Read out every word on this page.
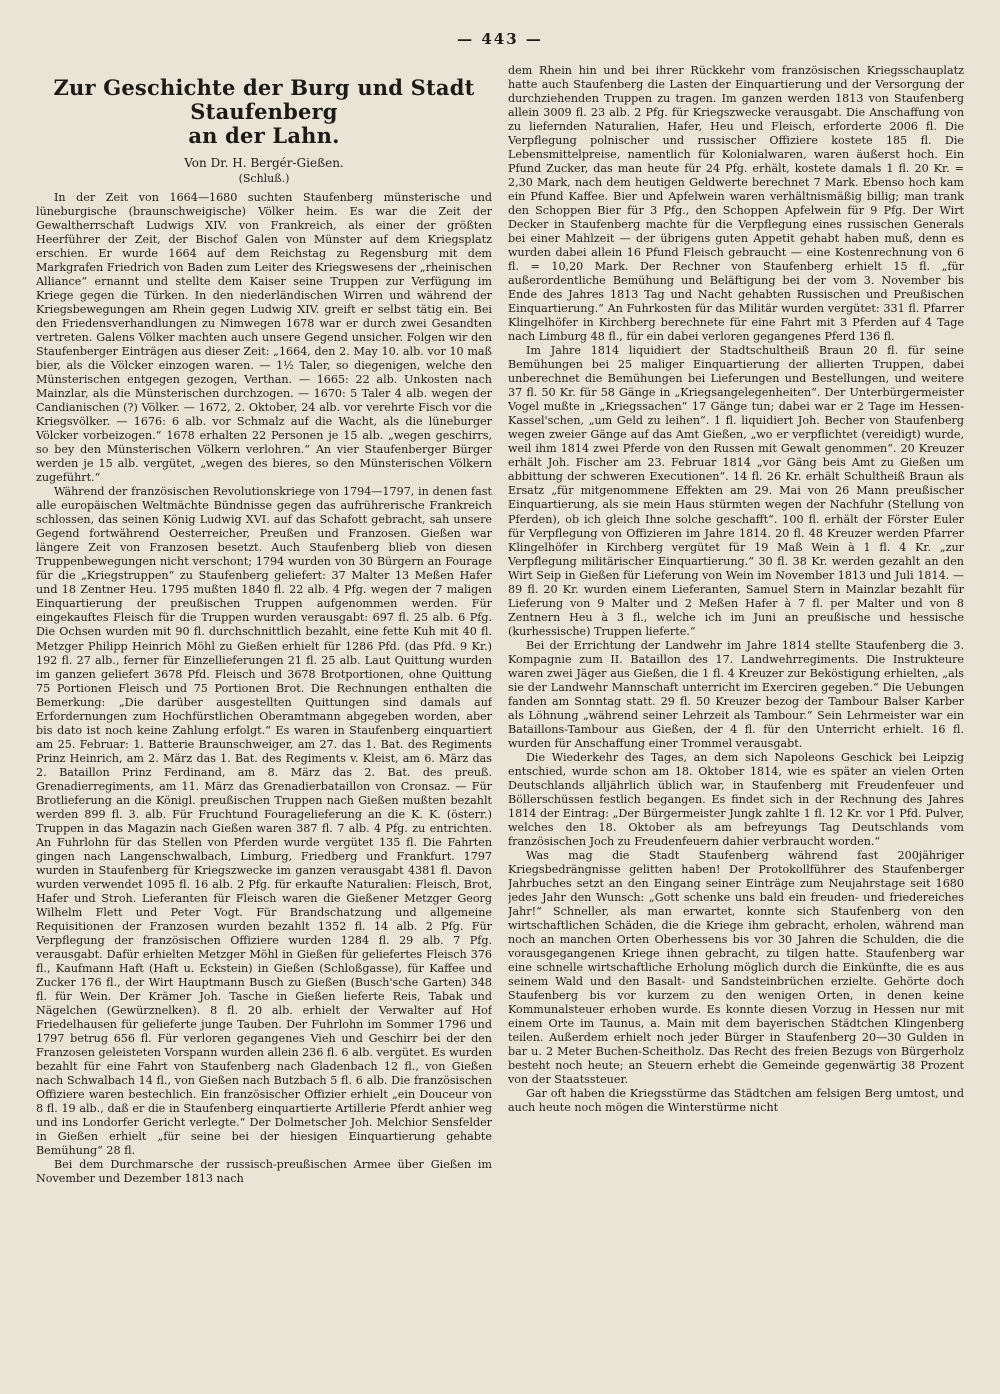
— 443 —
Zur Geschichte der Burg und Stadt Staufenberg
an der Lahn.
Von Dr. H. Bergér-Gießen.
(Schluß.)

In der Zeit von 1664—1680 suchten Staufenberg münsterische und lüneburgische (braunschweigische) Völker heim. Es war die Zeit der Gewaltherrschaft Ludwigs XIV. von Frankreich, als einer der größten Heerführer der Zeit, der Bischof Galen von Münster auf dem Kriegsplatz erschien. Er wurde 1664 auf dem Reichstag zu Regensburg mit dem Markgrafen Friedrich von Baden zum Leiter des Kriegswesens der „rheinischen Alliance“ ernannt und stellte dem Kaiser seine Truppen zur Verfügung im Kriege gegen die Türken. In den niederländischen Wirren und während der Kriegsbewegungen am Rhein gegen Ludwig XIV. greift er selbst tätig ein. Bei den Friedensverhandlungen zu Nimwegen 1678 war er durch zwei Gesandten vertreten. Galens Völker machten auch unsere Gegend unsicher. Folgen wir den Staufenberger Einträgen aus dieser Zeit: „1664, den 2. May 10. alb. vor 10 maß bier, als die Völcker einzogen waren. — 1½ Taler, so diegenigen, welche den Münsterischen entgegen gezogen, Verthan. — 1665: 22 alb. Unkosten nach Mainzlar, als die Münsterischen durchzogen. — 1670: 5 Taler 4 alb. wegen der Candianischen (?) Völker. — 1672, 2. Oktober, 24 alb. vor verehrte Fisch vor die Kriegsvölker. — 1676: 6 alb. vor Schmalz auf die Wacht, als die lüneburger Völcker vorbeizogen.“ 1678 erhalten 22 Personen je 15 alb. „wegen geschirrs, so bey den Münsterischen Völkern verlohren.“ An vier Staufenberger Bürger werden je 15 alb. vergütet, „wegen des bieres, so den Münsterischen Völkern zugeführt.“

Während der französischen Revolutionskriege von 1794—1797, in denen fast alle europäischen Weltmächte Bündnisse gegen das aufrührerische Frankreich schlossen, das seinen König Ludwig XVI. auf das Schafott gebracht, sah unsere Gegend fortwährend Oesterreicher, Preußen und Franzosen. Gießen war längere Zeit von Franzosen besetzt. Auch Staufenberg blieb von diesen Truppenbewegungen nicht verschont; 1794 wurden von 30 Bürgern an Fourage für die „Kriegstruppen“ zu Staufenberg geliefert: 37 Malter 13 Meßen Hafer und 18 Zentner Heu. 1795 mußten 1840 fl. 22 alb. 4 Pfg. wegen der 7 maligen Einquartierung der preußischen Truppen aufgenommen werden. Für eingekauftes Fleisch für die Truppen wurden verausgabt: 697 fl. 25 alb. 6 Pfg. Die Ochsen wurden mit 90 fl. durchschnittlich bezahlt, eine fette Kuh mit 40 fl. Metzger Philipp Heinrich Möhl zu Gießen erhielt für 1286 Pfd. (das Pfd. 9 Kr.) 192 fl. 27 alb., ferner für Einzellieferungen 21 fl. 25 alb. Laut Quittung wurden im ganzen geliefert 3678 Pfd. Fleisch und 3678 Brotportionen, ohne Quittung 75 Portionen Fleisch und 75 Portionen Brot. Die Rechnungen enthalten die Bemerkung: „Die darüber ausgestellten Quittungen sind damals auf Erfordernungen zum Hochfürstlichen Oberamtmann abgegeben worden, aber bis dato ist noch keine Zahlung erfolgt.“ Es waren in Staufenberg einquartiert am 25. Februar: 1. Batterie Braunschweiger, am 27. das 1. Bat. des Regiments Prinz Heinrich, am 2. März das 1. Bat. des Regiments v. Kleist, am 6. März das 2. Bataillon Prinz Ferdinand, am 8. März das 2. Bat. des preuß. Grenadierregiments, am 11. März das Grenadierbataillon von Cronsaz. — Für Brotlieferung an die Königl. preußischen Truppen nach Gießen mußten bezahlt werden 899 fl. 3. alb. Für Fruchtund Fouragelieferung an die K. K. (österr.) Truppen in das Magazin nach Gießen waren 387 fl. 7 alb. 4 Pfg. zu entrichten. An Fuhrlohn für das Stellen von Pferden wurde vergütet 135 fl. Die Fahrten gingen nach Langenschwalbach, Limburg, Friedberg und Frankfurt. 1797 wurden in Staufenberg für Kriegszwecke im ganzen verausgabt 4381 fl. Davon wurden verwendet 1095 fl. 16 alb. 2 Pfg. für erkaufte Naturalien: Fleisch, Brot, Hafer und Stroh. Lieferanten für Fleisch waren die Gießener Metzger Georg Wilhelm Flett und Peter Vogt. Für Brandschatzung und allgemeine Requisitionen der Franzosen wurden bezahlt 1352 fl. 14 alb. 2 Pfg. Für Verpflegung der französischen Offiziere wurden 1284 fl. 29 alb. 7 Pfg. verausgabt. Dafür erhielten Metzger Möhl in Gießen für geliefertes Fleisch 376 fl., Kaufmann Haft (Haft u. Eckstein) in Gießen (Schloßgasse), für Kaffee und Zucker 176 fl., der Wirt Hauptmann Busch zu Gießen (Busch'sche Garten) 348 fl. für Wein. Der Krämer Joh. Tasche in Gießen lieferte Reis, Tabak und Nägelchen (Gewürznelken). 8 fl. 20 alb. erhielt der Verwalter auf Hof Friedelhausen für gelieferte junge Tauben. Der Fuhrlohn im Sommer 1796 und 1797 betrug 656 fl. Für verloren gegangenes Vieh und Geschirr bei der den Franzosen geleisteten Vorspann wurden allein 236 fl. 6 alb. vergütet. Es wurden bezahlt für eine Fahrt von Staufenberg nach Gladenbach 12 fl., von Gießen nach Schwalbach 14 fl., von Gießen nach Butzbach 5 fl. 6 alb. Die französischen Offiziere waren bestechlich. Ein französischer Offizier erhielt „ein Douceur von 8 fl. 19 alb., daß er die in Staufenberg einquartierte Artillerie Pferdt anhier weg und ins Londorfer Gericht verlegte.“ Der Dolmetscher Joh. Melchior Sensfelder in Gießen erhielt „für seine bei der hiesigen Einquartierung gehabte Bemühung“ 28 fl.

Bei dem Durchmarsche der russisch-preußischen Armee über Gießen im November und Dezember 1813 nach

dem Rhein hin und bei ihrer Rückkehr vom französischen Kriegsschauplatz hatte auch Staufenberg die Lasten der Einquartierung und der Versorgung der durchziehenden Truppen zu tragen. Im ganzen werden 1813 von Staufenberg allein 3009 fl. 23 alb. 2 Pfg. für Kriegszwecke verausgabt. Die Anschaffung von zu liefernden Naturalien, Hafer, Heu und Fleisch, erforderte 2006 fl. Die Verpflegung polnischer und russischer Offiziere kostete 185 fl. Die Lebensmittelpreise, namentlich für Kolonialwaren, waren äußerst hoch. Ein Pfund Zucker, das man heute für 24 Pfg. erhält, kostete damals 1 fl. 20 Kr. = 2,30 Mark, nach dem heutigen Geldwerte berechnet 7 Mark. Ebenso hoch kam ein Pfund Kaffee. Bier und Apfelwein waren verhältnismäßig billig; man trank den Schoppen Bier für 3 Pfg., den Schoppen Apfelwein für 9 Pfg. Der Wirt Decker in Staufenberg machte für die Verpflegung eines russischen Generals bei einer Mahlzeit — der übrigens guten Appetit gehabt haben muß, denn es wurden dabei allein 16 Pfund Fleisch gebraucht — eine Kostenrechnung von 6 fl. = 10,20 Mark. Der Rechner von Staufenberg erhielt 15 fl. „für außerordentliche Bemühung und Beläftigung bei der vom 3. November bis Ende des Jahres 1813 Tag und Nacht gehabten Russischen und Preußischen Einquartierung.“ An Fuhrkosten für das Militär wurden vergütet: 331 fl. Pfarrer Klingelhöfer in Kirchberg berechnete für eine Fahrt mit 3 Pferden auf 4 Tage nach Limburg 48 fl., für ein dabei verloren gegangenes Pferd 136 fl.

Im Jahre 1814 liquidiert der Stadtschultheiß Braun 20 fl. für seine Bemühungen bei 25 maliger Einquartierung der allierten Truppen, dabei unberechnet die Bemühungen bei Lieferungen und Bestellungen, und weitere 37 fl. 50 Kr. für 58 Gänge in „Kriegsangelegenheiten“. Der Unterbürgermeister Vogel mußte in „Kriegssachen“ 17 Gänge tun; dabei war er 2 Tage im Hessen-Kassel'schen, „um Geld zu leihen“. 1 fl. liquidiert Joh. Becher von Staufenberg wegen zweier Gänge auf das Amt Gießen, „wo er verpflichtet (vereidigt) wurde, weil ihm 1814 zwei Pferde von den Russen mit Gewalt genommen“. 20 Kreuzer erhält Joh. Fischer am 23. Februar 1814 „vor Gäng beis Amt zu Gießen um abbittung der schweren Executionen“. 14 fl. 26 Kr. erhält Schultheiß Braun als Ersatz „für mitgenommene Effekten am 29. Mai von 26 Mann preußischer Einquartierung, als sie mein Haus stürmten wegen der Nachfuhr (Stellung von Pferden), ob ich gleich Ihne solche geschafft“. 100 fl. erhält der Förster Euler für Verpflegung von Offizieren im Jahre 1814. 20 fl. 48 Kreuzer werden Pfarrer Klingelhöfer in Kirchberg vergütet für 19 Maß Wein à 1 fl. 4 Kr. „zur Verpflegung militärischer Einquartierung.“ 30 fl. 38 Kr. werden gezahlt an den Wirt Seip in Gießen für Lieferung von Wein im November 1813 und Juli 1814. — 89 fl. 20 Kr. wurden einem Lieferanten, Samuel Stern in Mainzlar bezahlt für Lieferung von 9 Malter und 2 Meßen Hafer à 7 fl. per Malter und von 8 Zentnern Heu à 3 fl., welche ich im Juni an preußische und hessische (kurhessische) Truppen lieferte.“

Bei der Errichtung der Landwehr im Jahre 1814 stellte Staufenberg die 3. Kompagnie zum II. Bataillon des 17. Landwehrregiments. Die Instrukteure waren zwei Jäger aus Gießen, die 1 fl. 4 Kreuzer zur Beköstigung erhielten, „als sie der Landwehr Mannschaft unterricht im Exerciren gegeben.“ Die Uebungen fanden am Sonntag statt. 29 fl. 50 Kreuzer bezog der Tambour Balser Karber als Löhnung „während seiner Lehrzeit als Tambour.“ Sein Lehrmeister war ein Bataillons-Tambour aus Gießen, der 4 fl. für den Unterricht erhielt. 16 fl. wurden für Anschaffung einer Trommel verausgabt.

Die Wiederkehr des Tages, an dem sich Napoleons Geschick bei Leipzig entschied, wurde schon am 18. Oktober 1814, wie es später an vielen Orten Deutschlands alljährlich üblich war, in Staufenberg mit Freudenfeuer und Böllerschüssen festlich begangen. Es findet sich in der Rechnung des Jahres 1814 der Eintrag: „Der Bürgermeister Jungk zahlte 1 fl. 12 Kr. vor 1 Pfd. Pulver, welches den 18. Oktober als am befreyungs Tag Deutschlands vom französischen Joch zu Freudenfeuern dahier verbraucht worden.“

Was mag die Stadt Staufenberg während fast 200jähriger Kriegsbedrängnisse gelitten haben! Der Protokollführer des Staufenberger Jahrbuches setzt an den Eingang seiner Einträge zum Neujahrstage seit 1680 jedes Jahr den Wunsch: „Gott schenke uns bald ein freuden- und friedereiches Jahr!“ Schneller, als man erwartet, konnte sich Staufenberg von den wirtschaftlichen Schäden, die die Kriege ihm gebracht, erholen, während man noch an manchen Orten Oberhessens bis vor 30 Jahren die Schulden, die die vorausgegangenen Kriege ihnen gebracht, zu tilgen hatte. Staufenberg war eine schnelle wirtschaftliche Erholung möglich durch die Einkünfte, die es aus seinem Wald und den Basalt- und Sandsteinbrüchen erzielte. Gehörte doch Staufenberg bis vor kurzem zu den wenigen Orten, in denen keine Kommunalsteuer erhoben wurde. Es konnte diesen Vorzug in Hessen nur mit einem Orte im Taunus, a. Main mit dem bayerischen Städtchen Klingenberg teilen. Außerdem erhielt noch jeder Bürger in Staufenberg 20—30 Gulden in bar u. 2 Meter Buchen-Scheitholz. Das Recht des freien Bezugs von Bürgerholz besteht noch heute; an Steuern erhebt die Gemeinde gegenwärtig 38 Prozent von der Staatssteuer.

Gar oft haben die Kriegsstürme das Städtchen am felsigen Berg umtost, und auch heute noch mögen die Winterstürme nicht
